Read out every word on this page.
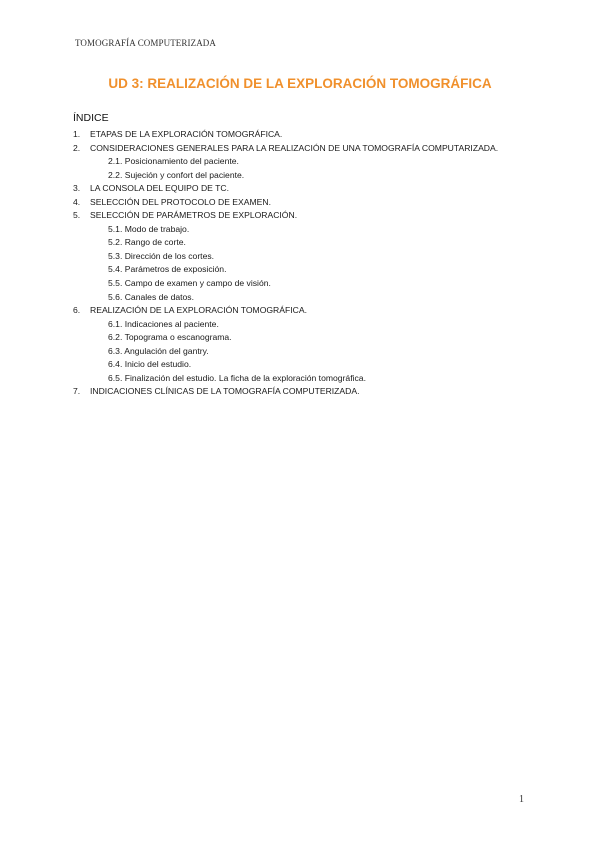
TOMOGRAFÍA COMPUTERIZADA
UD 3: REALIZACIÓN DE LA EXPLORACIÓN TOMOGRÁFICA
ÍNDICE
1. ETAPAS DE LA EXPLORACIÓN TOMOGRÁFICA.
2. CONSIDERACIONES GENERALES PARA LA REALIZACIÓN DE UNA TOMOGRAFÍA COMPUTARIZADA.
2.1. Posicionamiento del paciente.
2.2. Sujeción y confort del paciente.
3. LA CONSOLA DEL EQUIPO DE TC.
4. SELECCIÓN DEL PROTOCOLO DE EXAMEN.
5. SELECCIÓN DE PARÁMETROS DE EXPLORACIÓN.
5.1. Modo de trabajo.
5.2. Rango de corte.
5.3. Dirección de los cortes.
5.4. Parámetros de exposición.
5.5. Campo de examen y campo de visión.
5.6. Canales de datos.
6. REALIZACIÓN DE LA EXPLORACIÓN TOMOGRÁFICA.
6.1. Indicaciones al paciente.
6.2. Topograma o escanograma.
6.3. Angulación del gantry.
6.4. Inicio del estudio.
6.5. Finalización del estudio. La ficha de la exploración tomográfica.
7. INDICACIONES CLÍNICAS DE LA TOMOGRAFÍA COMPUTERIZADA.
1
